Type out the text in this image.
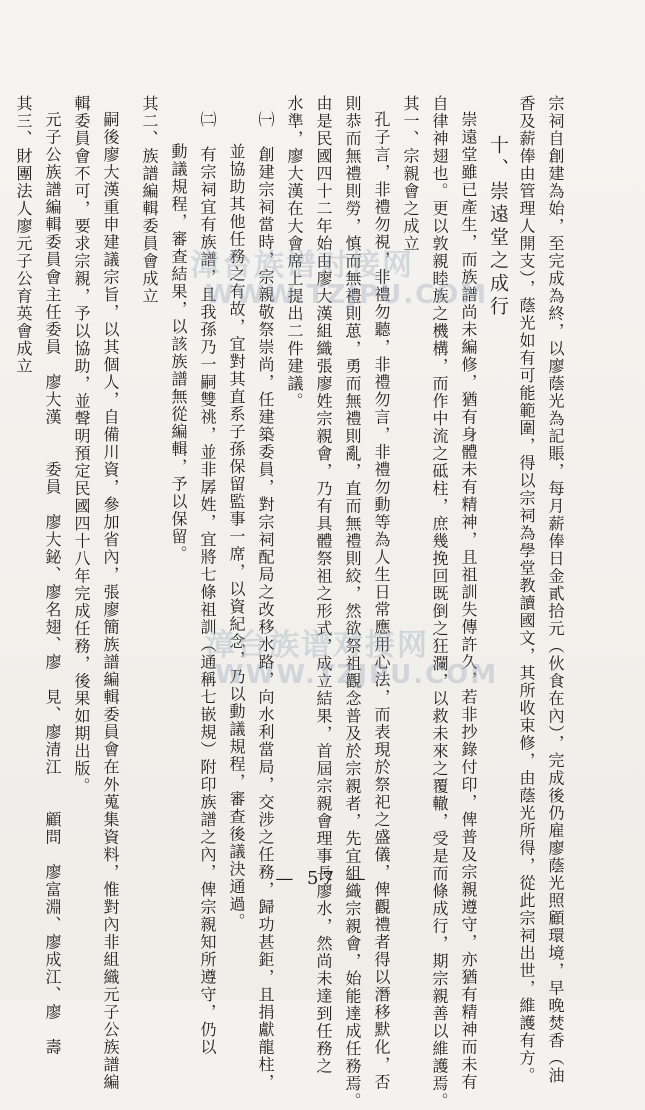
宗祠自創建為始，至完成為終，以廖蔭光為記賬，每月薪俸日金貳拾元（伙食在內），完成後仍雇廖蔭光照顧環境，早晚焚香（油
香及薪俸由管理人開支），蔭光如有可能範圍，得以宗祠為學堂教讀國文，其所收束修，由蔭光所得，從此宗祠出世，維護有方。
十、崇遠堂之成行
崇遠堂雖已產生，而族譜尚未編修，猶有身體未有精神，且祖訓失傳許久，若非抄錄付印，俾普及宗親遵守，亦猶有精神而未有
自律神翅也。更以敦親睦族之機構，而作中流之砥柱，庶幾挽回既倒之狂瀾，以救未來之覆轍，受是而條成行，期宗親善以維護焉。
其一、宗親會之成立
孔子言，非禮勿視，非禮勿聽，非禮勿言，非禮勿動等為人生日常應用心法，而表現於祭祀之盛儀，俾觀禮者得以潛移默化，否
則恭而無禮則勞，慎而無禮則葸，勇而無禮則亂，直而無禮則絞，然欲祭祖觀念普及於宗親者，先宜組織宗親會，始能達成任務焉。
由是民國四十二年始由廖大漢組織張廖姓宗親會，乃有具體祭祖之形式，成立結果，首屆宗親會理事長廖水，然尚未達到任務之
水準，廖大漢在大會席上提出二件建議。
㈠　創建宗祠當時，宗親敬祭崇尚，任建築委員，對宗祠配局之改移水路，向水利當局，交涉之任務，歸功甚鉅，且捐獻龍柱，
並協助其他任務之有故，宜對其直系子孫保留監事一席，以資紀念，乃以動議規程，審查後議決通過。
㈡　有宗祠宜有族譜，且我孫乃一嗣雙祧，並非孱姓，宜將七條祖訓（通稱七嵌規）附印族譜之內，俾宗親知所遵守，仍以
動議規程，審查結果，以該族譜無從編輯，予以保留。
其二、族譜編輯委員會成立
嗣後廖大漢重申建議宗旨，以其個人，自備川資，參加省內，張廖簡族譜編輯委員會在外蒐集資料，惟對內非組織元子公族譜編
輯委員會不可，要求宗親，予以協助，並聲明預定民國四十八年完成任務，後果如期出版。
元子公族譜編輯委員會主任委員　廖大漢　　委員　廖大鉍、廖名翅、廖　見、廖清江　　顧問　廖富淵、廖成江、廖　壽
其三、財團法人廖元子公育英會成立	漳台族谱对接网
WWW.TZJPU.COM
漳台族谱对接网
WWW.TZJPU.COM
— 57 —
